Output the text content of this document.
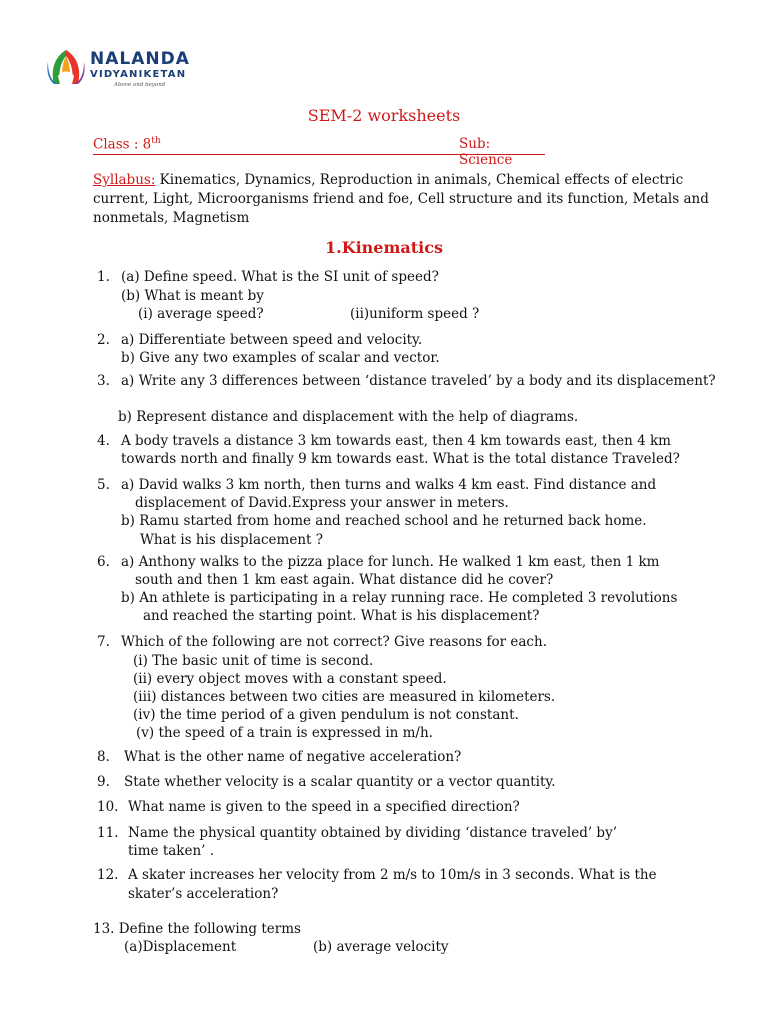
NALANDA
VIDYANIKETAN
Above and beyond
SEM-2 worksheets
Class : 8th	Sub: Science
Syllabus: Kinematics, Dynamics, Reproduction in animals, Chemical effects of electric current, Light, Microorganisms friend and foe, Cell structure and its function, Metals and nonmetals, Magnetism
1.Kinematics
1. (a) Define speed. What is the SI unit of speed?
(b) What is meant by
(i) average speed?	(ii)uniform speed ?
2. a) Differentiate between speed and velocity.
b) Give any two examples of scalar and vector.
3. a) Write any 3 differences between ‘distance traveled’ by a body and its displacement?
b) Represent distance and displacement with the help of diagrams.
4. A body travels a distance 3 km towards east, then 4 km towards east, then 4 km
towards north and finally 9 km towards east. What is the total distance Traveled?
5. a) David walks 3 km north, then turns and walks 4 km east. Find distance and
displacement of David.Express your answer in meters.
b) Ramu started from home and reached school and he returned back home.
What is his displacement ?
6. a) Anthony walks to the pizza place for lunch. He walked 1 km east, then 1 km
south and then 1 km east again. What distance did he cover?
b) An athlete is participating in a relay running race. He completed 3 revolutions
and reached the starting point. What is his displacement?
7. Which of the following are not correct? Give reasons for each.
(i) The basic unit of time is second.
(ii) every object moves with a constant speed.
(iii) distances between two cities are measured in kilometers.
(iv) the time period of a given pendulum is not constant.
(v) the speed of a train is expressed in m/h.
8. What is the other name of negative acceleration?
9. State whether velocity is a scalar quantity or a vector quantity.
10. What name is given to the speed in a specified direction?
11. Name the physical quantity obtained by dividing ‘distance traveled’ by’
time taken’ .
12. A skater increases her velocity from 2 m/s to 10m/s in 3 seconds. What is the
skater’s acceleration?
13. Define the following terms
(a)Displacement	(b) average velocity
